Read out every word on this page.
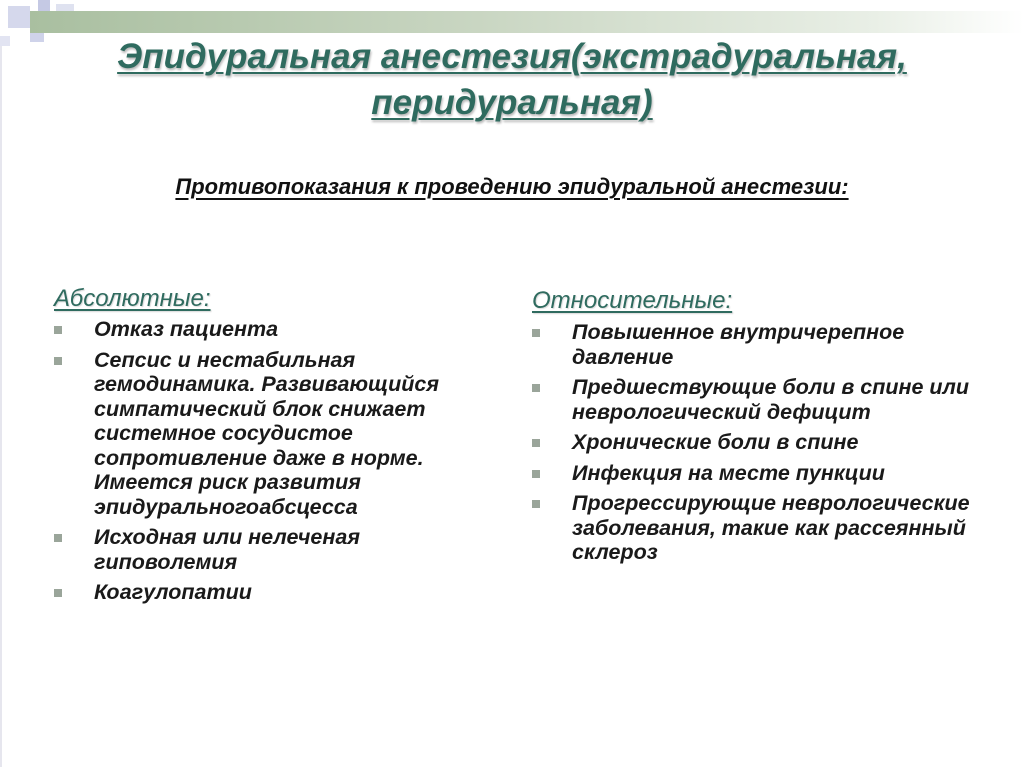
Эпидуральная анестезия(экстрадуральная,
перидуральная)
Противопоказания к проведению эпидуральной анестезии:
Абсолютные:
Отказ пациента
Сепсис и нестабильная гемодинамика. Развивающийся симпатический блок снижает системное сосудистое сопротивление даже в норме. Имеется риск развития эпидуральногоабсцесса
Исходная или нелеченая гиповолемия
Коагулопатии
Относительные:
Повышенное внутричерепное давление
Предшествующие боли в спине или неврологический дефицит
Хронические боли в спине
Инфекция на месте пункции
Прогрессирующие неврологические заболевания, такие как рассеянный склероз
